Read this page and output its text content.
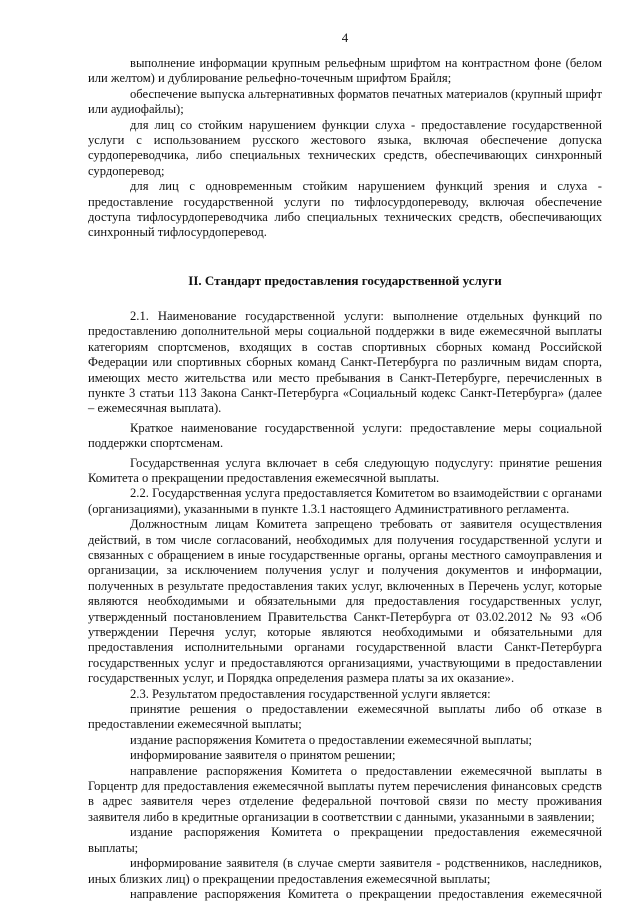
4

выполнение информации крупным рельефным шрифтом на контрастном фоне (белом или желтом) и дублирование рельефно-точечным шрифтом Брайля;

обеспечение выпуска альтернативных форматов печатных материалов (крупный шрифт или аудиофайлы);

для лиц со стойким нарушением функции слуха - предоставление государственной услуги с использованием русского жестового языка, включая обеспечение допуска сурдопереводчика, либо специальных технических средств, обеспечивающих синхронный сурдоперевод;

для лиц с одновременным стойким нарушением функций зрения и слуха - предоставление государственной услуги по тифлосурдопереводу, включая обеспечение доступа тифлосурдопереводчика либо специальных технических средств, обеспечивающих синхронный тифлосурдоперевод.

II. Стандарт предоставления государственной услуги

2.1. Наименование государственной услуги: выполнение отдельных функций по предоставлению дополнительной меры социальной поддержки в виде ежемесячной выплаты категориям спортсменов, входящих в состав спортивных сборных команд Российской Федерации или спортивных сборных команд Санкт-Петербурга по различным видам спорта, имеющих место жительства или место пребывания в Санкт-Петербурге, перечисленных в пункте 3 статьи 113 Закона Санкт-Петербурга «Социальный кодекс Санкт-Петербурга» (далее – ежемесячная выплата).

Краткое наименование государственной услуги: предоставление меры социальной поддержки спортсменам.

Государственная услуга включает в себя следующую подуслугу: принятие решения Комитета о прекращении предоставления ежемесячной выплаты.

2.2. Государственная услуга предоставляется Комитетом во взаимодействии с органами (организациями), указанными в пункте 1.3.1 настоящего Административного регламента.

Должностным лицам Комитета запрещено требовать от заявителя осуществления действий, в том числе согласований, необходимых для получения государственной услуги и связанных с обращением в иные государственные органы, органы местного самоуправления и организации, за исключением получения услуг и получения документов и информации, полученных в результате предоставления таких услуг, включенных в Перечень услуг, которые являются необходимыми и обязательными для предоставления государственных услуг, утвержденный постановлением Правительства Санкт-Петербурга от 03.02.2012 № 93 «Об утверждении Перечня услуг, которые являются необходимыми и обязательными для предоставления исполнительными органами государственной власти Санкт-Петербурга государственных услуг и предоставляются организациями, участвующими в предоставлении государственных услуг, и Порядка определения размера платы за их оказание».

2.3. Результатом предоставления государственной услуги является:

принятие решения о предоставлении ежемесячной выплаты либо об отказе в предоставлении ежемесячной выплаты;

издание распоряжения Комитета о предоставлении ежемесячной выплаты;

информирование заявителя о принятом решении;

направление распоряжения Комитета о предоставлении ежемесячной выплаты в Горцентр для предоставления ежемесячной выплаты путем перечисления финансовых средств в адрес заявителя через отделение федеральной почтовой связи по месту проживания заявителя либо в кредитные организации в соответствии с данными, указанными в заявлении;

издание распоряжения Комитета о прекращении предоставления ежемесячной выплаты;

информирование заявителя (в случае смерти заявителя - родственников, наследников, иных близких лиц) о прекращении предоставления ежемесячной выплаты;

направление распоряжения Комитета о прекращении предоставления ежемесячной
